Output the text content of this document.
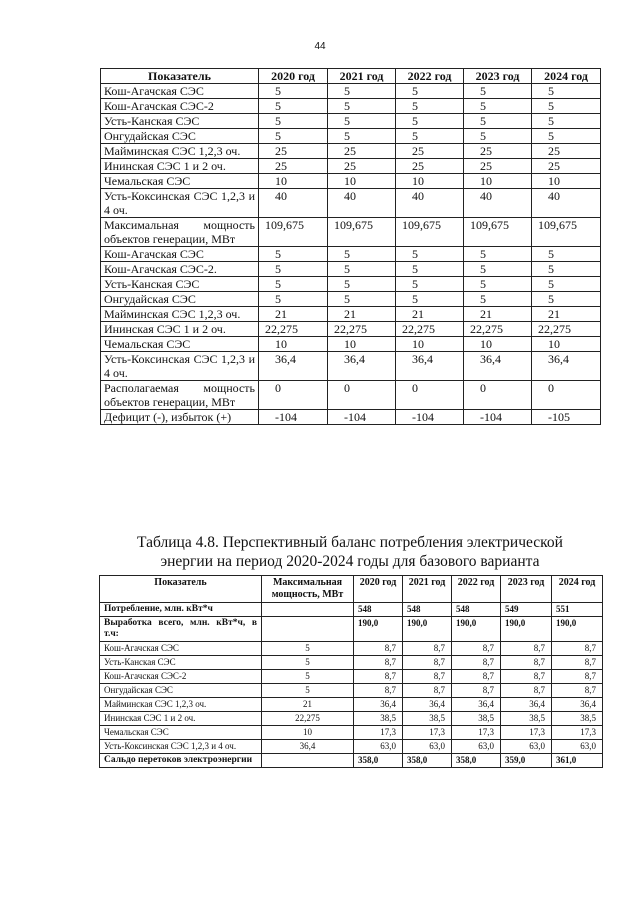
44
Показатель	2020 год	2021 год	2022 год	2023 год	2024 год
Кош-Агачская СЭС	5	5	5	5	5
Кош-Агачская СЭС-2	5	5	5	5	5
Усть-Канская СЭС	5	5	5	5	5
Онгудайская СЭС	5	5	5	5	5
Майминская СЭС 1,2,3 оч.	25	25	25	25	25
Ининская СЭС 1 и 2 оч.	25	25	25	25	25
Чемальская СЭС	10	10	10	10	10
Усть-Коксинская СЭС 1,2,3 и 4 оч.	40	40	40	40	40
Максимальная мощность объектов генерации, МВт	109,675	109,675	109,675	109,675	109,675
Кош-Агачская СЭС	5	5	5	5	5
Кош-Агачская СЭС-2.	5	5	5	5	5
Усть-Канская СЭС	5	5	5	5	5
Онгудайская СЭС	5	5	5	5	5
Майминская СЭС 1,2,3 оч.	21	21	21	21	21
Ининская СЭС 1 и 2 оч.	22,275	22,275	22,275	22,275	22,275
Чемальская СЭС	10	10	10	10	10
Усть-Коксинская СЭС 1,2,3 и 4 оч.	36,4	36,4	36,4	36,4	36,4
Располагаемая мощность объектов генерации, МВт	0	0	0	0	0
Дефицит (-), избыток (+)	-104	-104	-104	-104	-105
Таблица 4.8. Перспективный баланс потребления электрической
энергии на период 2020-2024 годы для базового варианта
Показатель	Максимальная мощность, МВт	2020 год	2021 год	2022 год	2023 год	2024 год
Потребление, млн. кВт*ч		548	548	548	549	551
Выработка всего, млн. кВт*ч, в т.ч:		190,0	190,0	190,0	190,0	190,0
Кош-Агачская СЭС	5	8,7	8,7	8,7	8,7	8,7
Усть-Канская СЭС	5	8,7	8,7	8,7	8,7	8,7
Кош-Агачская СЭС-2	5	8,7	8,7	8,7	8,7	8,7
Онгудайская СЭС	5	8,7	8,7	8,7	8,7	8,7
Майминская СЭС 1,2,3 оч.	21	36,4	36,4	36,4	36,4	36,4
Ининская СЭС 1 и 2 оч.	22,275	38,5	38,5	38,5	38,5	38,5
Чемальская СЭС	10	17,3	17,3	17,3	17,3	17,3
Усть-Коксинская СЭС 1,2,3 и 4 оч.	36,4	63,0	63,0	63,0	63,0	63,0
Сальдо перетоков электроэнергии		358,0	358,0	358,0	359,0	361,0
